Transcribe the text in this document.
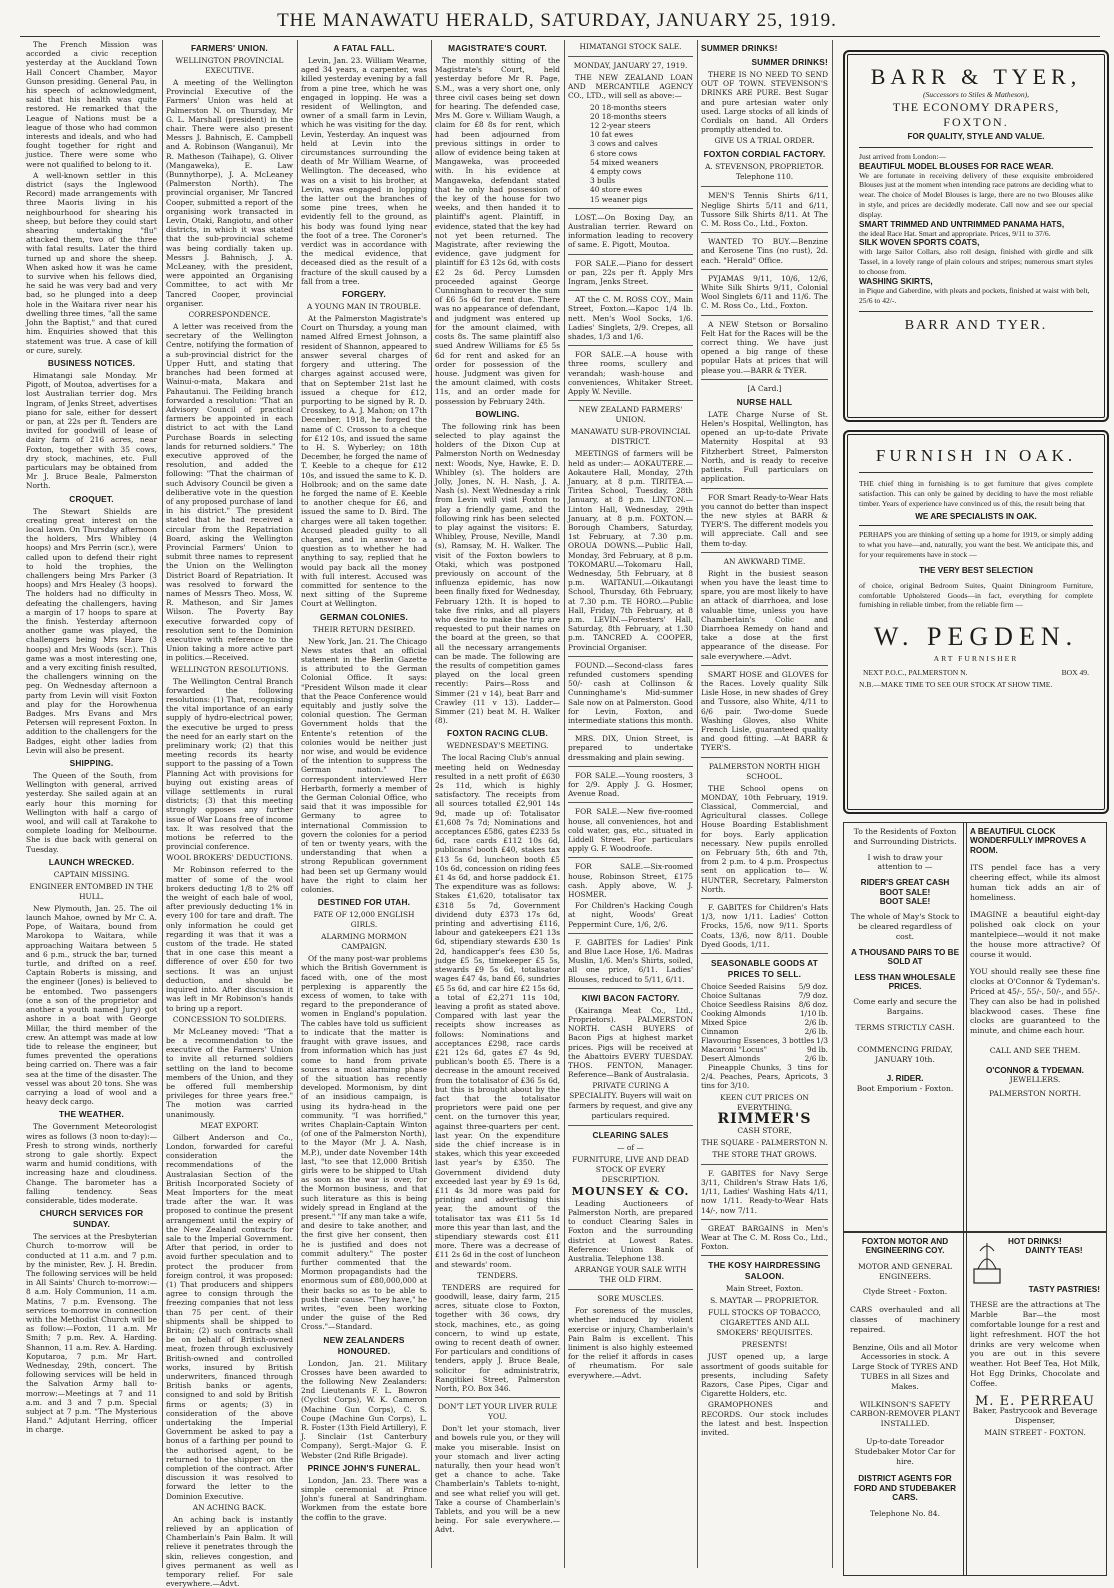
THE MANAWATU HERALD, SATURDAY, JANUARY 25, 1919.
The French Mission was accorded a civic reception yesterday at the Auckland Town Hall Concert Chamber, Mayor Gunson presiding. General Pau, in his speech of acknowledgment, said that his health was quite restored. He remarked that the League of Nations must be a league of those who had common interests and ideals, and who had fought together for right and justice. There were some who were not qualified to belong to it.
A well-known settler in this district (says the Inglewood Record) made arrangements with three Maoris living in his neighbourhood for shearing his sheep, but before they could start shearing undertaking "flu" attacked them, two of the three with fatal results. Later the third turned up and shore the sheep. When asked how it was he came to survive when his fellows died, he said he was very bad and very bad, so he plunged into a deep hole in the Waitara river near his dwelling three times, "all the same John the Baptist," and that cured him. Enquiries showed that this statement was true. A case of kill or cure, surely.
BUSINESS NOTICES.
Himatangi sale Monday. Mr Pigott, of Moutoa, advertises for a lost Australian terrier dog. Mrs Ingram, of Jenks Street, advertises piano for sale, either for dessert or pan, at 22s per ft. Tenders are invited for goodwill of lease of dairy farm of 216 acres, near Foxton, together with 35 cows, dry stock, machines, etc. Full particulars may be obtained from Mr J. Bruce Beale, Palmerston North.
CROQUET.
The Stewart Shields are creating great interest on the local lawn. On Thursday afternoon the holders, Mrs Whibley (4 hoops) and Mrs Perrin (scr.), were called upon to defend their right to hold the trophies, the challengers being Mrs Parker (3 hoops) and Mrs Healey (3 hoops). The holders had no difficulty in defeating the challengers, having a margin of 17 hoops to spare at the finish. Yesterday afternoon another game was played, the challengers being Mrs Hare (3 hoops) and Mrs Woods (scr.). This game was a most interesting one, and a very exciting finish resulted, the challengers winning on the peg. On Wednesday afternoon a party from Levin will visit Foxton and play for the Horowhenua Badges. Mrs Evans and Mrs Petersen will represent Foxton. In addition to the challengers for the Badges, eight other ladies from Levin will also be present.
SHIPPING.
The Queen of the South, from Wellington with general, arrived yesterday. She sailed again at an early hour this morning for Wellington with half a cargo of wool, and will call at Tarakohe to complete loading for Melbourne. She is due back with general on Tuesday.
LAUNCH WRECKED.
CAPTAIN MISSING.
ENGINEER ENTOMBED IN THE HULL.
New Plymouth, Jan. 25. The oil launch Mahoe, owned by Mr C. A. Pope, of Waitara, bound from Marokopa to Waitara, while approaching Waitara between 5 and 6 p.m., struck the bar, turned turtle, and drifted on a reef. Captain Roberts is missing, and the engineer (Jones) is believed to be entombed. Two passengers (one a son of the proprietor and another a youth named Jury) got ashore in a boat with George Millar, the third member of the crew. An attempt was made at low tide to release the engineer, but fumes prevented the operations being carried on. There was a fair sea at the time of the disaster. The vessel was about 20 tons. She was carrying a load of wool and a heavy deck cargo.
THE WEATHER.
The Government Meteorologist wires as follows (3 noon to-day):—Fresh to strong winds, northerly strong to gale shortly. Expect warm and humid conditions, with increasing haze and cloudiness. Change. The barometer has a falling tendency. Seas considerable, tides moderate.
CHURCH SERVICES FOR SUNDAY.
The services at the Presbyterian Church to-morrow will be conducted at 11 a.m. and 7 p.m. by the minister, Rev. J. H. Bredin. The following services will be held in All Saints' Church to-morrow:—8 a.m. Holy Communion, 11 a.m. Matins, 7 p.m. Evensong. The services to-morrow in connection with the Methodist Church will be as follow:—Foxton, 11 a.m. Mr Smith; 7 p.m. Rev. A. Harding. Shannon, 11 a.m. Rev. A. Harding. Koputaroa, 7 p.m. Mr Hart. Wednesday, 29th, concert. The following services will be held in the Salvation Army hall to-morrow:—Meetings at 7 and 11 a.m. and 3 and 7 p.m. Special subject at 7 p.m. "The Mysterious Hand." Adjutant Herring, officer in charge.
FARMERS' UNION.
WELLINGTON PROVINCIAL EXECUTIVE.
A meeting of the Wellington Provincial Executive of the Farmers' Union was held at Palmerston N. on Thursday, Mr G. L. Marshall (president) in the chair. There were also present Messrs J. Bahnisch, E. Campbell and A. Robinson (Wanganui), Mr R. Matheson (Taihape), G. Oliver (Mangaweka), E. Law (Bunnythorpe), J. A. McLeaney (Palmerston North). The provincial organiser, Mr Tancred Cooper, submitted a report of the organising work transacted in Levin, Otaki, Rangiotu, and other districts, in which it was stated that the sub-provincial scheme was being cordially taken up. Messrs J. Bahnisch, J. A. McLeaney, with the president, were appointed an Organising Committee, to act with Mr Tancred Cooper, provincial organiser.
CORRESPONDENCE.
A letter was received from the secretary of the Wellington Centre, notifying the formation of a sub-provincial district for the Upper Hutt, and stating that branches had been formed at Wainui-o-mata, Makara and Pahautanui. The Feilding branch forwarded a resolution: "That an Advisory Council of practical farmers be appointed in each district to act with the Land Purchase Boards in selecting lands for returned soldiers." The executive approved of the resolution, and added the following: "That the chairman of such Advisory Council be given a deliberative vote in the question of any proposed purchase of land in his district." The president stated that he had received a circular from the Repatriation Board, asking the Wellington Provincial Farmers' Union to submit three names to represent the Union on the Wellington District Board of Repatriation. It was resolved to forward the names of Messrs Theo. Moss, W. R. Matheson, and Sir James Wilson. The Poverty Bay executive forwarded copy of resolution sent to the Dominion executive with reference to the Union taking a more active part in politics.—Received.
WELLINGTON RESOLUTIONS.
The Wellington Central Branch forwarded the following resolutions: (1) That, recognising the vital importance of an early supply of hydro-electrical power, the executive be urged to press the need for an early start on the preliminary work; (2) that this meeting records its hearty support to the passing of a Town Planning Act with provisions for buying out existing areas of village settlements in rural districts; (3) that this meeting strongly opposes any further issue of War Loans free of income tax. It was resolved that the motions be referred to the provincial conference.
WOOL BROKERS' DEDUCTIONS.
Mr Robinson referred to the matter of some of the wool brokers deducting 1/8 to 2% off the weight of each bale of wool, after previously deducting 1% in every 100 for tare and draft. The only information he could get regarding it was that it was a custom of the trade. He stated that in one case this meant a difference of over £50 for two sections. It was an unjust deduction, and should be inquired into. After discussion it was left in Mr Robinson's hands to bring up a report.
CONCESSION TO SOLDIERS.
Mr McLeaney moved: "That a be a recommendation to the executive of the Farmers' Union to invite all returned soldiers settling on the land to become members of the Union, and they be offered full membership privileges for three years free." The motion was carried unanimously.
MEAT EXPORT.
Gilbert Anderson and Co., London, forwarded for careful consideration the recommendations of the Australasian Section of the British Incorporated Society of Meat Importers for the meat trade after the war. It was proposed to continue the present arrangement until the expiry of the New Zealand contracts for sale to the Imperial Government. After that period, in order to avoid further speculation and to protect the producer from foreign control, it was proposed: (1) That producers and shippers agree to consign through the freezing companies that not less than 75 per cent. of their shipments shall be shipped to Britain; (2) such contracts shall be on behalf of British-owned meat, frozen through exclusively British-owned and controlled works, insured by British underwriters, financed through British banks or agents, consigned to and sold by British firms or agents; (3) in consideration of the above undertaking the Imperial Government be asked to pay a bonus of a farthing per pound to the authorised agent, to be returned to the shipper on the completion of the contract. After discussion it was resolved to forward the letter to the Dominion Executive.
AN ACHING BACK.
An aching back is instantly relieved by an application of Chamberlain's Pain Balm. It will relieve it penetrates through the skin, relieves congestion, and gives permanent as well as temporary relief. For sale everywhere.—Advt.
A FATAL FALL.
Levin, Jan. 23. William Wearne, aged 34 years, a carpenter, was killed yesterday evening by a fall from a pine tree, which he was engaged in lopping. He was a resident of Wellington, and owner of a small farm in Levin, which he was visiting for the day. Levin, Yesterday. An inquest was held at Levin into the circumstances surrounding the death of Mr William Wearne, of Wellington. The deceased, who was on a visit to his brother, at Levin, was engaged in lopping the latter out the branches of some pine trees, when he evidently fell to the ground, as his body was found lying near the foot of a tree. The Coroner's verdict was in accordance with the medical evidence, that deceased died as the result of a fracture of the skull caused by a fall from a tree.
FORGERY.
A YOUNG MAN IN TROUBLE.
At the Palmerston Magistrate's Court on Thursday, a young man named Alfred Ernest Johnson, a resident of Shannon, appeared to answer several charges of forgery and uttering. The charges against accused were, that on September 21st last he issued a cheque for £12, purporting to be signed by R. D. Crosskey, to A. J. Mahon; on 17th December, 1918, he forged the name of C. Crosson to a cheque for £12 10s, and issued the same to H. S. Wyberley; on 18th December, he forged the name of T. Keeble to a cheque for £12 10s, and issued the same to K. D. Holbrook; and on the same date he forged the name of E. Keeble to another cheque for £6, and issued the same to D. Bird. The charges were all taken together. Accused pleaded guilty to all charges, and in answer to a question as to whether he had anything to say, replied that he would pay back all the money with full interest. Accused was committed for sentence to the next sitting of the Supreme Court at Wellington.
GERMAN COLONIES.
THEIR RETURN DESIRED.
New York, Jan. 21. The Chicago News states that an official statement in the Berlin Gazette is attributed to the German Colonial Office. It says: "President Wilson made it clear that the Peace Conference would equitably and justly solve the colonial question. The German Government holds that the Entente's retention of the colonies would be neither just nor wise, and would be evidence of the intention to suppress the German nation." The correspondent interviewed Herr Herbarth, formerly a member of the German Colonial Office, who said that it was impossible for Germany to agree to international Commission to govern the colonies for a period of ten or twenty years, with the understanding that when a strong Republican government had been set up Germany would have the right to claim her colonies.
DESTINED FOR UTAH.
FATE OF 12,000 ENGLISH GIRLS.
ALARMING MORMON CAMPAIGN.
Of the many post-war problems which the British Government is faced with, one of the most perplexing is apparently the excess of women, to take with regard to the preponderance of women in England's population. The cables have told us sufficient to indicate that the matter is fraught with grave issues, and from information which has just come to hand from private sources a most alarming phase of the situation has recently developed. Mormonism, by dint of an insidious campaign, is using its hydra-head in the community. "I was horrified," writes Chaplain-Captain Winton (of one of the Palmerston North), to the Mayor (Mr J. A. Nash, M.P.), under date November 14th last, "to see that 12,000 British girls were to be shipped to Utah as soon as the war is over, for the Mormon business, and that such literature as this is being widely spread in England at the present." "If any man take a wife, and desire to take another, and the first give her consent, then he is justified and does not commit adultery." The poster further commented that the Mormon propagandists had the enormous sum of £80,000,000 at their backs so as to be able to push their cause. "They have," he writes, "even been working under the guise of the Red Cross."—Standard.
NEW ZEALANDERS HONOURED.
London, Jan. 21. Military Crosses have been awarded to the following New Zealanders: 2nd Lieutenants F. L. Bowron (Cyclist Corps), W. K. Cameron (Machine Gun Corps), C. S. Coupe (Machine Gun Corps), L. R. Foster (13th Field Artillery), F. J. Sinclair (1st Canterbury Company), Sergt.-Major G. F. Webster (2nd Rifle Brigade).
PRINCE JOHN'S FUNERAL.
London, Jan. 23. There was a simple ceremonial at Prince John's funeral at Sandringham. Workmen from the estate bore the coffin to the grave.
MAGISTRATE'S COURT.
The monthly sitting of the Magistrate's Court, held yesterday before Mr R. Page, S.M., was a very short one, only three civil cases being set down for hearing. The defended case, Mrs M. Gore v. William Waugh, a claim for £8 8s for rent, which had been adjourned from previous sittings in order to allow of evidence being taken at Mangaweka, was proceeded with. In his evidence at Mangaweka, defendant stated that he only had possession of the key of the house for two weeks, and then handed it to plaintiff's agent. Plaintiff, in evidence, stated that the key had not yet been returned. The Magistrate, after reviewing the evidence, gave judgment for plaintiff for £3 12s 6d, with costs £2 2s 6d. Percy Lumsden proceeded against George Cunningham to recover the sum of £6 5s 6d for rent due. There was no appearance of defendant, and judgment was entered up for the amount claimed, with costs 8s. The same plaintiff also sued Andrew Williams for £5 5s 6d for rent and asked for an order for possession of the house. Judgment was given for the amount claimed, with costs 11s, and an order made for possession by February 24th.
BOWLING.
The following rink has been selected to play against the holders of the Dixon Cup at Palmerston North on Wednesday next: Woods, Nye, Hawke, E. D. Whibley (s). The holders are Jolly, Jones, N. H. Nash, J. A. Nash (s). Next Wednesday a rink from Levin will visit Foxton to play a friendly game, and the following rink has been selected to play against the visitors: E. Whibley, Prouse, Neville, Mandl (s), Ramsay, M. H. Walker. The visit of the Foxton bowlers to Otaki, which was postponed previously on account of the influenza epidemic, has now been finally fixed for Wednesday, February 12th. It is hoped to take five rinks, and all players who desire to make the trip are requested to put their names on the board at the green, so that all the necessary arrangements can be made. The following are the results of competition games played on the local green recently: Pairs—Ross and Simmer (21 v 14), beat Barr and Crawley (11 v 13). Ladder—Simmer (21) beat M. H. Walker (8).
FOXTON RACING CLUB.
WEDNESDAY'S MEETING.
The local Racing Club's annual meeting held on Wednesday resulted in a nett profit of £630 2s 11d, which is highly satisfactory. The receipts from all sources totalled £2,901 14s 9d, made up of: Totalisator £1,608 7s 7d; Nominations and acceptances £586, gates £233 5s 6d, race cards £112 10s 6d, publicans' booth £40, stakes tax £13 5s 6d, luncheon booth £5 10s 6d, concession on riding fees £1 4s 6d, and horse paddock £1. The expenditure was as follows: Stakes £1,620, totalisator tax £318 5s 7d, Government dividend duty £373 17s 6d, printing and advertising £116, labour and gatekeepers £21 13s 6d, stipendiary stewards £30 1s 2d, handicapper's fees £30 5s, judge £5 5s, timekeeper £5 5s, stewards £9 5s 6d, totalisator wages £47 4s, band £6, sundries £5 5s 6d, and car hire £2 15s 6d, a total of £2,271 11s 10d, leaving a profit as stated above. Compared with last year the receipts show increases as follows: Nominations and acceptances £298, race cards £21 12s 6d, gates £7 4s 9d, publican's booth £5. There is a decrease in the amount received from the totalisator of £36 5s 6d, but this is brought about by the fact that the totalisator proprietors were paid one per cent. on the turnover this year, against three-quarters per cent. last year. On the expenditure side the chief increase is in stakes, which this year exceeded last year's by £350. The Government dividend duty exceeded last year by £9 1s 6d, £11 4s 3d more was paid for printing and advertising this year, the amount of the totalisator tax was £11 5s 1d more this year than last, and the stipendiary stewards cost £11 more. There was a decrease of £11 2s 6d in the cost of luncheon and stewards' room.
TENDERS.
TENDERS are required for goodwill, lease, dairy farm, 215 acres, situate close to Foxton, together with 36 cows, dry stock, machines, etc., as going concern, to wind up estate, owing to recent death of owner. For particulars and conditions of tenders, apply J. Bruce Beale, solicitor for administratrix, Rangitikei Street, Palmerston North, P.O. Box 346.
DON'T LET YOUR LIVER RULE YOU.
Don't let your stomach, liver and bowels rule you, or they will make you miserable. Insist on your stomach and liver acting naturally, then your head won't get a chance to ache. Take Chamberlain's Tablets to-night, and see what relief you will get. Take a course of Chamberlain's Tablets, and you will be a new being. For sale everywhere.—Advt.
HIMATANGI STOCK SALE.
MONDAY, JANUARY 27, 1919.
THE NEW ZEALAND LOAN AND MERCANTILE AGENCY CO., LTD., will sell as above:—
20 18-months steers
20 18-months steers
12 2-year steers
10 fat ewes
3 cows and calves
6 store cows
54 mixed weaners
4 empty cows
3 bulls
40 store ewes
15 weaner pigs
LOST.—On Boxing Day, an Australian terrier. Reward on information leading to recovery of same. E. Pigott, Moutoa.
FOR SALE.—Piano for dessert or pan, 22s per ft. Apply Mrs Ingram, Jenks Street.
AT the C. M. ROSS COY., Main Street, Foxton.—Kapoc 1/4 lb. nett. Men's Wool Socks, 1/6. Ladies' Singlets, 2/9. Crepes, all shades, 1/3 and 1/6.
FOR SALE.—A house with three rooms, scullery and verandah; wash-house and conveniences, Whitaker Street. Apply W. Neville.
NEW ZEALAND FARMERS' UNION.
MANAWATU SUB-PROVINCIAL DISTRICT.
MEETINGS of farmers will be held as under:— AOKAUTERE.—Aokautere Hall, Monday, 27th January, at 8 p.m. TIRITEA.—Tiritea School, Tuesday, 28th January, at 8 p.m. LINTON.—Linton Hall, Wednesday, 29th January, at 8 p.m. FOXTON.—Borough Chambers, Saturday, 1st February, at 7.30 p.m. OROUA DOWNS.—Public Hall, Monday, 3rd February, at 8 p.m. TOKOMARU.—Tokomaru Hall, Wednesday, 5th February, at 8 p.m. WAITANUI.—Oikautangi School, Thursday, 6th February, at 7.30 p.m. TE HORO.—Public Hall, Friday, 7th February, at 8 p.m. LEVIN.—Foresters' Hall, Saturday, 8th February, at 1.30 p.m. TANCRED A. COOPER, Provincial Organiser.
FOUND.—Second-class fares refunded customers spending 50/- cash at Collinson & Cunninghame's Mid-summer Sale now on at Palmerston. Good for Levin, Foxton, and intermediate stations this month.
MRS. DIX, Union Street, is prepared to undertake dressmaking and plain sewing.
FOR SALE.—Young roosters, 3 for 2/9. Apply J. G. Hosmer, Avenue Road.
FOR SALE.—New five-roomed house, all conveniences, hot and cold water, gas, etc., situated in Liddell Street. For particulars apply G. F. Woodroofe.
FOR SALE.—Six-roomed house, Robinson Street, £175 cash. Apply above, W. J. HOSMER.
For Children's Hacking Cough at night, Woods' Great Peppermint Cure, 1/6, 2/6.
F. GABITES for Ladies' Pink and Blue Lace Hose, 1/6. Madras Muslin, 1/6. Men's Shirts, soiled, all one price, 6/11. Ladies' Blouses, reduced to 5/11, 6/11.
KIWI BACON FACTORY.
(Kairanga Meat Co., Ltd., Proprietors). PALMERSTON NORTH. CASH BUYERS of Bacon Pigs at highest market prices. Pigs will be received at the Abattoirs EVERY TUESDAY. THOS. FENTON, Manager. Reference—Bank of Australasia.
PRIVATE CURING A SPECIALITY. Buyers will wait on farmers by request, and give any particulars required.
CLEARING SALES
— of —
FURNITURE, LIVE AND DEAD STOCK OF EVERY DESCRIPTION.
MOUNSEY & CO.
Leading Auctioneers of Palmerston North, are prepared to conduct Clearing Sales in Foxton and the surrounding district at Lowest Rates. Reference: Union Bank of Australia. Telephone 138.
ARRANGE YOUR SALE WITH THE OLD FIRM.
SORE MUSCLES.
For soreness of the muscles, whether induced by violent exercise or injury, Chamberlain's Pain Balm is excellent. This liniment is also highly esteemed for the relief it affords in cases of rheumatism. For sale everywhere.—Advt.
SUMMER DRINKS!
SUMMER DRINKS!
THERE IS NO NEED TO SEND OUT OF TOWN. STEVENSON'S DRINKS ARE PURE. Best Sugar and pure artesian water only used. Large stocks of all kinds of Cordials on hand. All Orders promptly attended to.
GIVE US A TRIAL ORDER.
FOXTON CORDIAL FACTORY.
A. STEVENSON, PROPRIETOR. Telephone 110.
MEN'S Tennis Shirts 6/11, Neglige Shirts 5/11 and 6/11, Tussore Silk Shirts 8/11. At The C. M. Ross Co., Ltd., Foxton.
WANTED TO BUY.—Benzine and Kerosene Tins (no rust), 2d. each. "Herald" Office.
PYJAMAS 9/11, 10/6, 12/6, White Silk Shirts 9/11, Colonial Wool Singlets 6/11 and 11/6. The C. M. Ross Co., Ltd., Foxton.
A NEW Stetson or Borsalino Felt Hat for the Races will be the correct thing. We have just opened a big range of these popular Hats at prices that will please you.—BARR & TYER.
[A Card.]
NURSE HALL
LATE Charge Nurse of St. Helen's Hospital, Wellington, has opened an up-to-date Private Maternity Hospital at 93 Fitzherbert Street, Palmerston North, and is ready to receive patients. Full particulars on application.
FOR Smart Ready-to-Wear Hats you cannot do better than inspect the new styles at BARR & TYER'S. The different models you will appreciate. Call and see them to-day.
AN AWKWARD TIME.
Right in the busiest season when you have the least time to spare, you are most likely to have an attack of diarrhoea, and lose valuable time, unless you have Chamberlain's Colic and Diarrhoea Remedy on hand and take a dose at the first appearance of the disease. For sale everywhere.—Advt.
SMART HOSE and GLOVES for the Races. Lovely quality Silk Lisle Hose, in new shades of Grey and Tussore, also White, 4/11 to 6/6 pair. Two-dome Suede Washing Gloves, also White French Lisle, guaranteed quality and good fitting. —At BARR & TYER'S.
PALMERSTON NORTH HIGH SCHOOL.
THE School opens on MONDAY, 10th February, 1919. Classical, Commercial, and Agricultural classes. College House Boarding Establishment for boys. Early application necessary. New pupils enrolled on February 5th, 6th and 7th, from 2 p.m. to 4 p.m. Prospectus sent on application to— W. HUNTER, Secretary, Palmerston North.
F. GABITES for Children's Hats 1/3, now 1/11. Ladies' Cotton Frocks, 15/6, now 9/11. Sports Coats, 13/6, now 8/11. Double Dyed Goods, 1/11.
SEASONABLE GOODS AT PRICES TO SELL.
Choice Seeded Raisins 5/9 doz.
Choice Sultanas	7/9 doz.
Choice Seedless Raisins 8/6 doz.
Cooking Almonds	1/10 lb.
Mixed Spice	2/6 lb.
Cinnamon	2/6 lb.
Flavouring Essences, 3 bottles 1/3
Macaroni "Locus"	9d lb.
Desert Almonds	2/6 lb.
Pineapple Chunks, 3 tins for 2/4. Peaches, Pears, Apricots, 3 tins for 3/10.
KEEN CUT PRICES ON EVERYTHING.
RIMMER'S
CASH STORE,
THE SQUARE - PALMERSTON N.
THE STORE THAT GROWS.
F. GABITES for Navy Serge 3/11, Children's Straw Hats 1/6, 1/11, Ladies' Washing Hats 4/11, now 1/11. Ready-to-Wear Hats 14/-, now 7/11.
GREAT BARGAINS in Men's Wear at The C. M. Ross Co., Ltd., Foxton.
THE KOSY HAIRDRESSING SALOON.
Main Street, Foxton.
S. MAYTAR — PROPRIETOR.
FULL STOCKS OF TOBACCO, CIGARETTES AND ALL SMOKERS' REQUISITES.
PRESENTS!
JUST opened up, a large assortment of goods suitable for presents, including Safety Razors, Case Pipes, Cigar and Cigarette Holders, etc.
GRAMOPHONES and RECORDS. Our stock includes the latest and best. Inspection invited.
BARR & TYER,
(Successors to Stiles & Matheson),
THE ECONOMY DRAPERS,
FOXTON.
FOR QUALITY, STYLE AND VALUE.
Just arrived from London:—
BEAUTIFUL MODEL BLOUSES FOR RACE WEAR.
We are fortunate in receiving delivery of these exquisite embroidered Blouses just at the moment when intending race patrons are deciding what to wear. The choice of Model Blouses is large, there are no two Blouses alike in style, and prices are decidedly moderate. Call now and see our special display.
SMART TRIMMED AND UNTRIMMED PANAMA HATS,
the ideal Race Hat. Smart and appropriate. Prices, 9/11 to 37/6.
SILK WOVEN SPORTS COATS,
with large Sailor Collars, also roll design, finished with girdle and silk Tassel, in a lovely range of plain colours and stripes; numerous smart styles to choose from.
WASHING SKIRTS,
in Pique and Gaberdine, with pleats and pockets, finished at waist with belt, 25/6 to 42/-.
BARR AND TYER.
FURNISH IN OAK.
THE chief thing in furnishing is to get furniture that gives complete satisfaction. This can only be gained by deciding to have the most reliable timber. Years of experience have convinced us of this, the result being that
WE ARE SPECIALISTS IN OAK.
PERHAPS you are thinking of setting up a home for 1919, or simply adding to what you have—and, naturally, you want the best. We anticipate this, and for your requirements have in stock —
THE VERY BEST SELECTION
of choice, original Bedroom Suites, Quaint Diningroom Furniture, comfortable Upholstered Goods—in fact, everything for complete furnishing in reliable timber, from the reliable firm —
W. PEGDEN.
ART FURNISHER
NEXT P.O.C., PALMERSTON N.	BOX 49.
N.B.—MAKE TIME TO SEE OUR STOCK AT SHOW TIME.
To the Residents of Foxton and Surrounding Districts.
I wish to draw your attention to —
RIDER'S GREAT CASH BOOT SALE!
BOOT SALE!
The whole of May's Stock to be cleared regardless of cost.
A THOUSAND PAIRS TO BE SOLD AT
LESS THAN WHOLESALE PRICES.
Come early and secure the Bargains.
TERMS STRICTLY CASH.
COMMENCING FRIDAY, JANUARY 10th.
J. RIDER.
Boot Emporium - Foxton.
A BEAUTIFUL CLOCK WONDERFULLY IMPROVES A ROOM.
ITS pendel face has a very cheering effect, while its almost human tick adds an air of homeliness.
IMAGINE a beautiful eight-day polished oak clock on your mantelpiece—would it not make the house more attractive? Of course it would.
YOU should really see these fine clocks at O'Connor & Tydeman's. Priced at 45/-, 55/-, 50/-, and 55/-. They can also be had in polished blackwood cases. These fine clocks are guaranteed to the minute, and chime each hour.
CALL AND SEE THEM.
O'CONNOR & TYDEMAN.
JEWELLERS.
PALMERSTON NORTH.
FOXTON MOTOR AND ENGINEERING COY.
MOTOR AND GENERAL ENGINEERS.
Clyde Street - Foxton.
CARS overhauled and all classes of machinery repaired.
Benzine, Oils and all Motor Accessories in stock. A Large Stock of TYRES AND TUBES in all Sizes and Makes.
WILKINSON'S SAFETY CARBON-REMOVER PLANT INSTALLED.
Up-to-date Toreador Studebaker Motor Car for hire.
DISTRICT AGENTS FOR FORD AND STUDEBAKER CARS.
Telephone No. 84.
HOT DRINKS!
DAINTY TEAS!
TASTY PASTRIES!
THESE are the attractions at The Marble Bar—the most comfortable lounge for a rest and light refreshment. HOT the hot drinks are very welcome when you are out in this severe weather. Hot Beef Tea, Hot Milk, Hot Egg Drinks, Chocolate and Coffee.
M. E. PERREAU
Baker, Pastrycook and Beverage Dispenser,
MAIN STREET - FOXTON.
